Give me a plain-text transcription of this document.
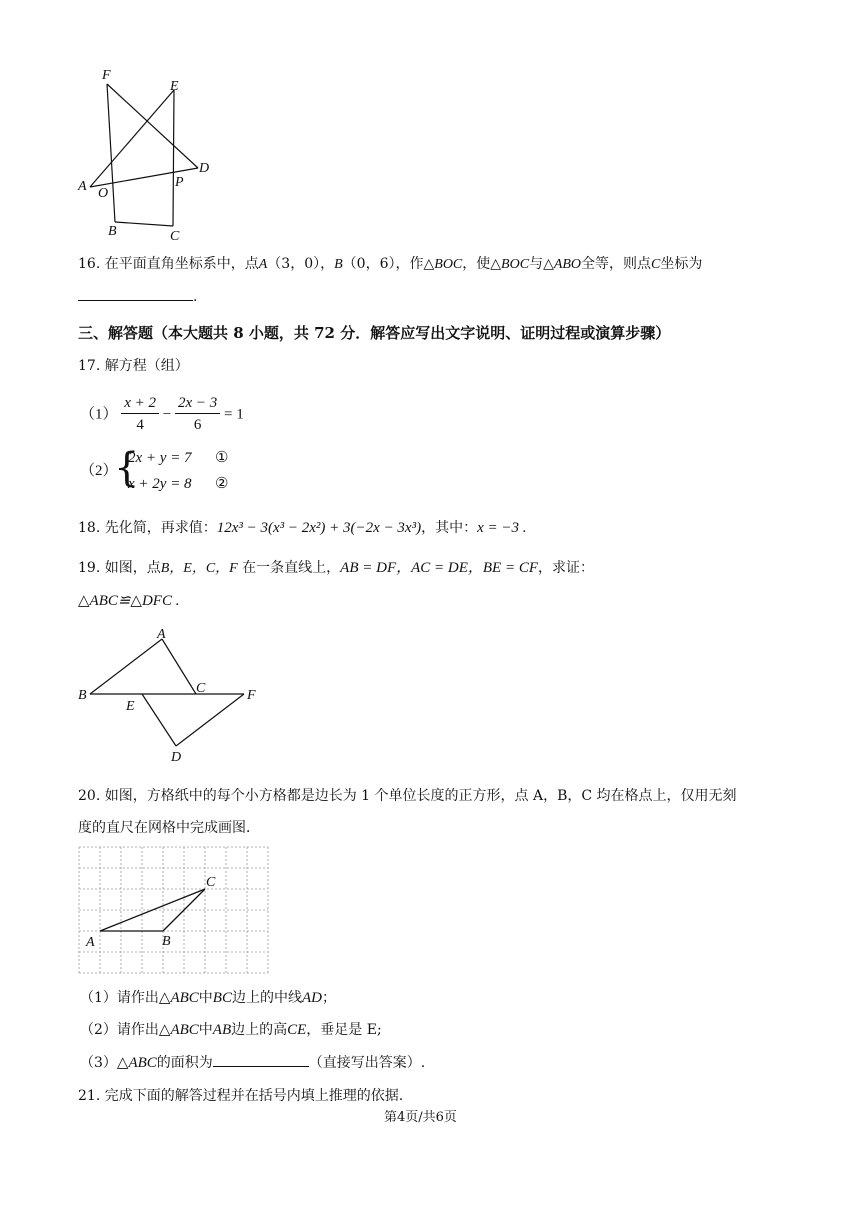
F
E
D
A O
P
B	C
16. 在平面直角坐标系中，点A（3，0），B（0，6），作△BOC，使△BOC与△ABO全等，则点C坐标为
.
三、解答题（本大题共 8 小题，共 72 分．解答应写出文字说明、证明过程或演算步骤）
17. 解方程（组）
$(1) \frac{x + 2}{4} - \frac{2x - 3}{6} = 1$
（2）
{
2x + y = 7 ①
x + 2y = 8 ②
18. 先化简，再求值：12x³ − 3(x³ − 2x²) + 3(−2x − 3x³)，其中：x = −3 .
19. 如图，点B，E，C，F 在一条直线上，AB = DF，AC = DE，BE = CF，求证：
△ABC≌△DFC .
A
B	C	F
E
D
20. 如图，方格纸中的每个小方格都是边长为 1 个单位长度的正方形，点 A，B，C 均在格点上，仅用无刻
度的直尺在网格中完成画图．
A	B
C
（1）请作出△ABC中BC边上的中线AD；
（2）请作出△ABC中AB边上的高CE，垂足是 E;
（3）△ABC的面积为	（直接写出答案）.
21. 完成下面的解答过程并在括号内填上推理的依据.
第4页/共6页
